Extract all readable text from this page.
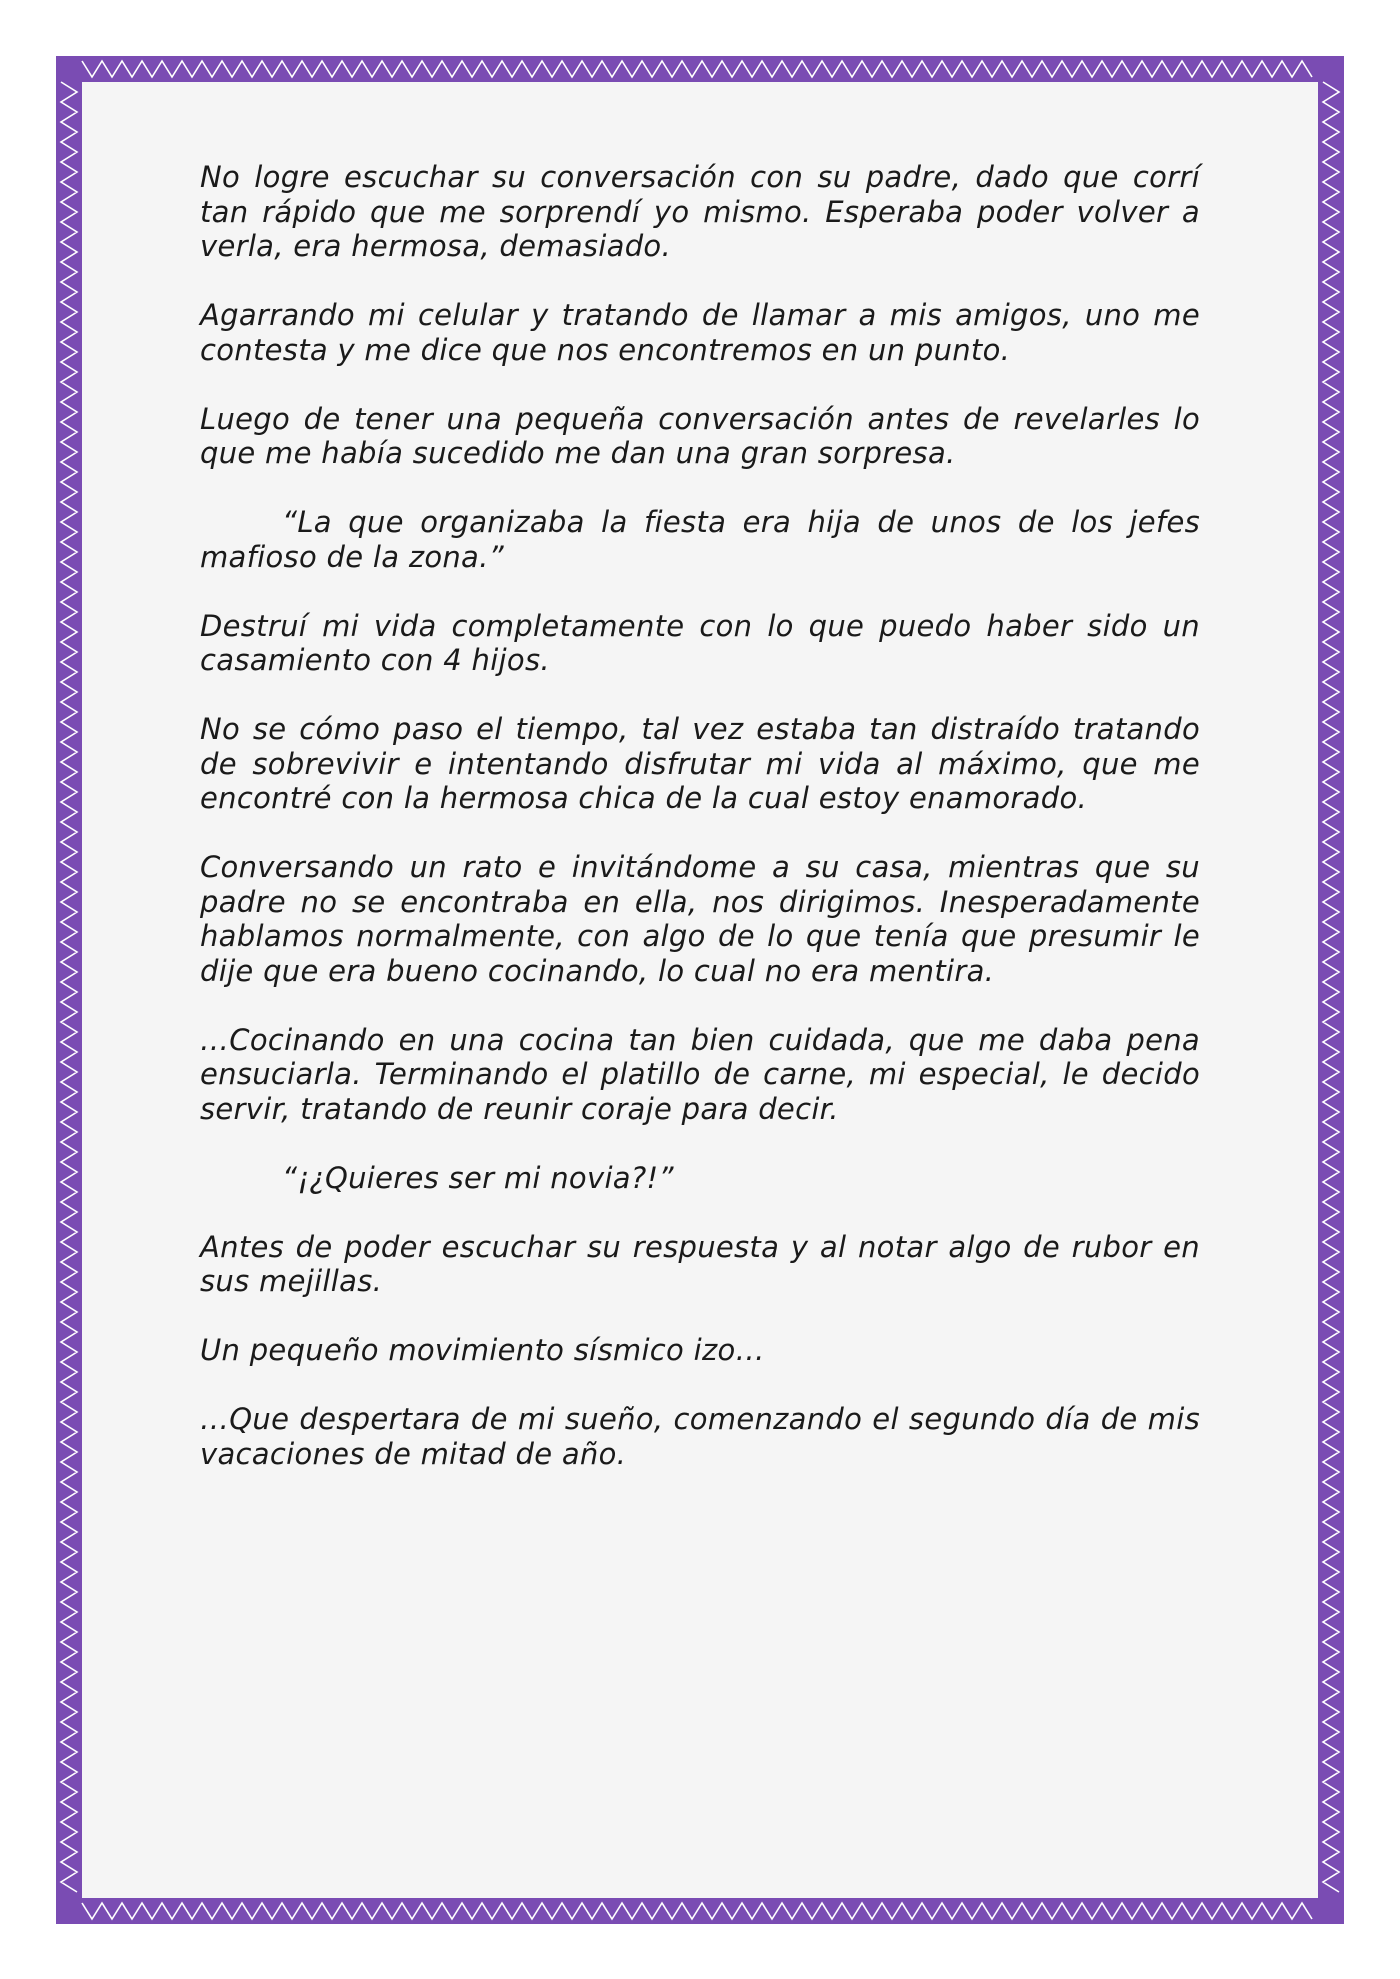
No logre escuchar su conversación con su padre, dado que corrí tan rápido que me sorprendí yo mismo. Esperaba poder volver a verla, era hermosa, demasiado.

Agarrando mi celular y tratando de llamar a mis amigos, uno me contesta y me dice que nos encontremos en un punto.

Luego de tener una pequeña conversación antes de revelarles lo que me había sucedido me dan una gran sorpresa.

“La que organizaba la fiesta era hija de unos de los jefes mafioso de la zona.”

Destruí mi vida completamente con lo que puedo haber sido un casamiento con 4 hijos.

No se cómo paso el tiempo, tal vez estaba tan distraído tratando de sobrevivir e intentando disfrutar mi vida al máximo, que me encontré con la hermosa chica de la cual estoy enamorado.

Conversando un rato e invitándome a su casa, mientras que su padre no se encontraba en ella, nos dirigimos. Inesperadamente hablamos normalmente, con algo de lo que tenía que presumir le dije que era bueno cocinando, lo cual no era mentira.

…Cocinando en una cocina tan bien cuidada, que me daba pena ensuciarla. Terminando el platillo de carne, mi especial, le decido servir, tratando de reunir coraje para decir.

“¡¿Quieres ser mi novia?!”

Antes de poder escuchar su respuesta y al notar algo de rubor en sus mejillas.

Un pequeño movimiento sísmico izo…

…Que despertara de mi sueño, comenzando el segundo día de mis vacaciones de mitad de año.
